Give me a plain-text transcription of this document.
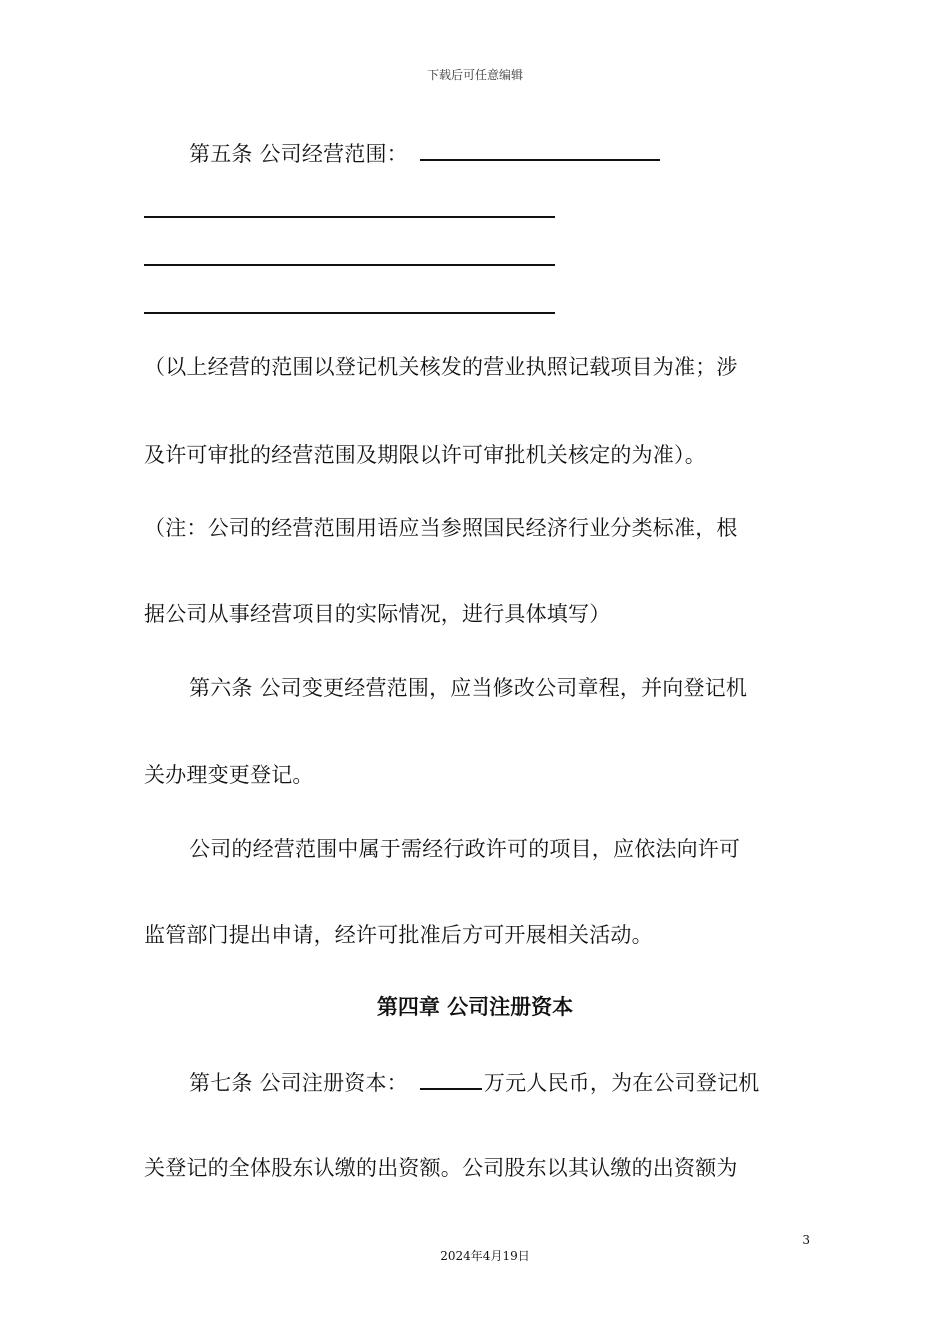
下载后可任意编辑
第五条 公司经营范围：
（以上经营的范围以登记机关核发的营业执照记载项目为准；涉
及许可审批的经营范围及期限以许可审批机关核定的为准）。
（注：公司的经营范围用语应当参照国民经济行业分类标准，根
据公司从事经营项目的实际情况，进行具体填写）
第六条 公司变更经营范围，应当修改公司章程，并向登记机
关办理变更登记。
公司的经营范围中属于需经行政许可的项目，应依法向许可
监管部门提出申请，经许可批准后方可开展相关活动。
第四章 公司注册资本
第七条 公司注册资本：	万元人民币，为在公司登记机
关登记的全体股东认缴的出资额。公司股东以其认缴的出资额为
3
2024年4月19日
